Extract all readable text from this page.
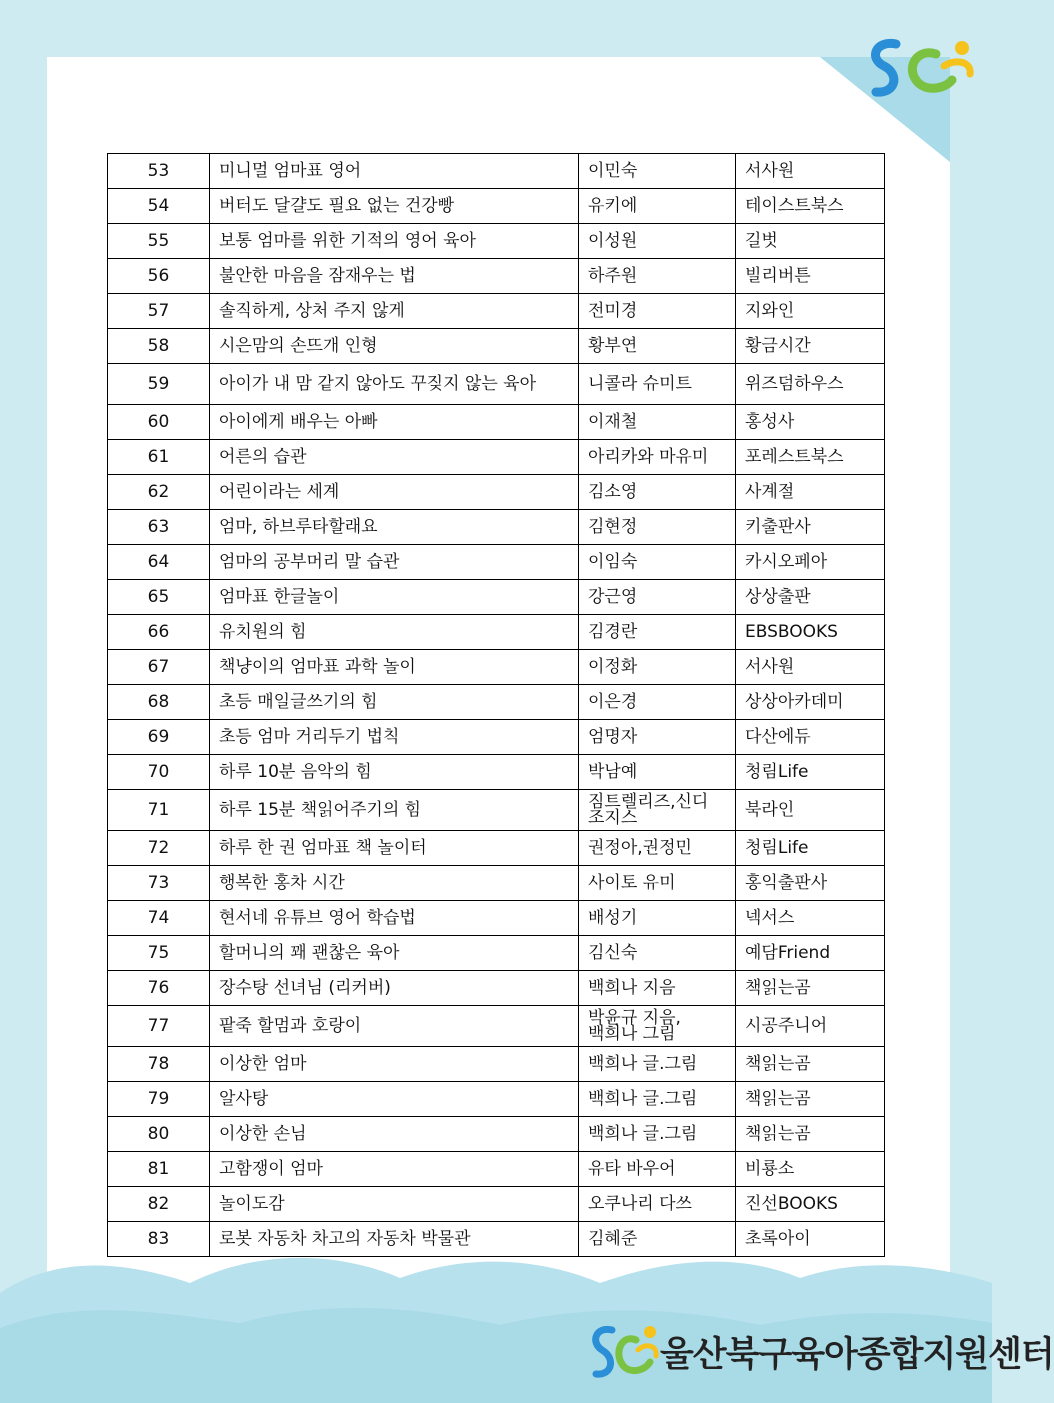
53	미니멀 엄마표 영어	이민숙	서사원
54	버터도 달걀도 필요 없는 건강빵	유키에	테이스트북스
55	보통 엄마를 위한 기적의 영어 육아	이성원	길벗
56	불안한 마음을 잠재우는 법	하주원	빌리버튼
57	솔직하게, 상처 주지 않게	전미경	지와인
58	시은맘의 손뜨개 인형	황부연	황금시간
59	아이가 내 맘 같지 않아도 꾸짖지 않는 육아	니콜라 슈미트	위즈덤하우스
60	아이에게 배우는 아빠	이재철	홍성사
61	어른의 습관	아리카와 마유미	포레스트북스
62	어린이라는 세계	김소영	사계절
63	엄마, 하브루타할래요	김현정	키출판사
64	엄마의 공부머리 말 습관	이임숙	카시오페아
65	엄마표 한글놀이	강근영	상상출판
66	유치원의 힘	김경란	EBSBOOKS
67	책냥이의 엄마표 과학 놀이	이정화	서사원
68	초등 매일글쓰기의 힘	이은경	상상아카데미
69	초등 엄마 거리두기 법칙	엄명자	다산에듀
70	하루 10분 음악의 힘	박남예	청림Life
71	하루 15분 책읽어주기의 힘	짐트렐리즈,신디 조지스	북라인
72	하루 한 권 엄마표 책 놀이터	권정아,권정민	청림Life
73	행복한 홍차 시간	사이토 유미	홍익출판사
74	현서네 유튜브 영어 학습법	배성기	넥서스
75	할머니의 꽤 괜찮은 육아	김신숙	예담Friend
76	장수탕 선녀님 (리커버)	백희나 지음	책읽는곰
77	팥죽 할멈과 호랑이	박윤규 지음, 백희나 그림	시공주니어
78	이상한 엄마	백희나 글.그림	책읽는곰
79	알사탕	백희나 글.그림	책읽는곰
80	이상한 손님	백희나 글.그림	책읽는곰
81	고함쟁이 엄마	유타 바우어	비룡소
82	놀이도감	오쿠나리 다쓰	진선BOOKS
83	로봇 자동차 차고의 자동차 박물관	김혜준	초록아이
울산북구육아종합지원센터
